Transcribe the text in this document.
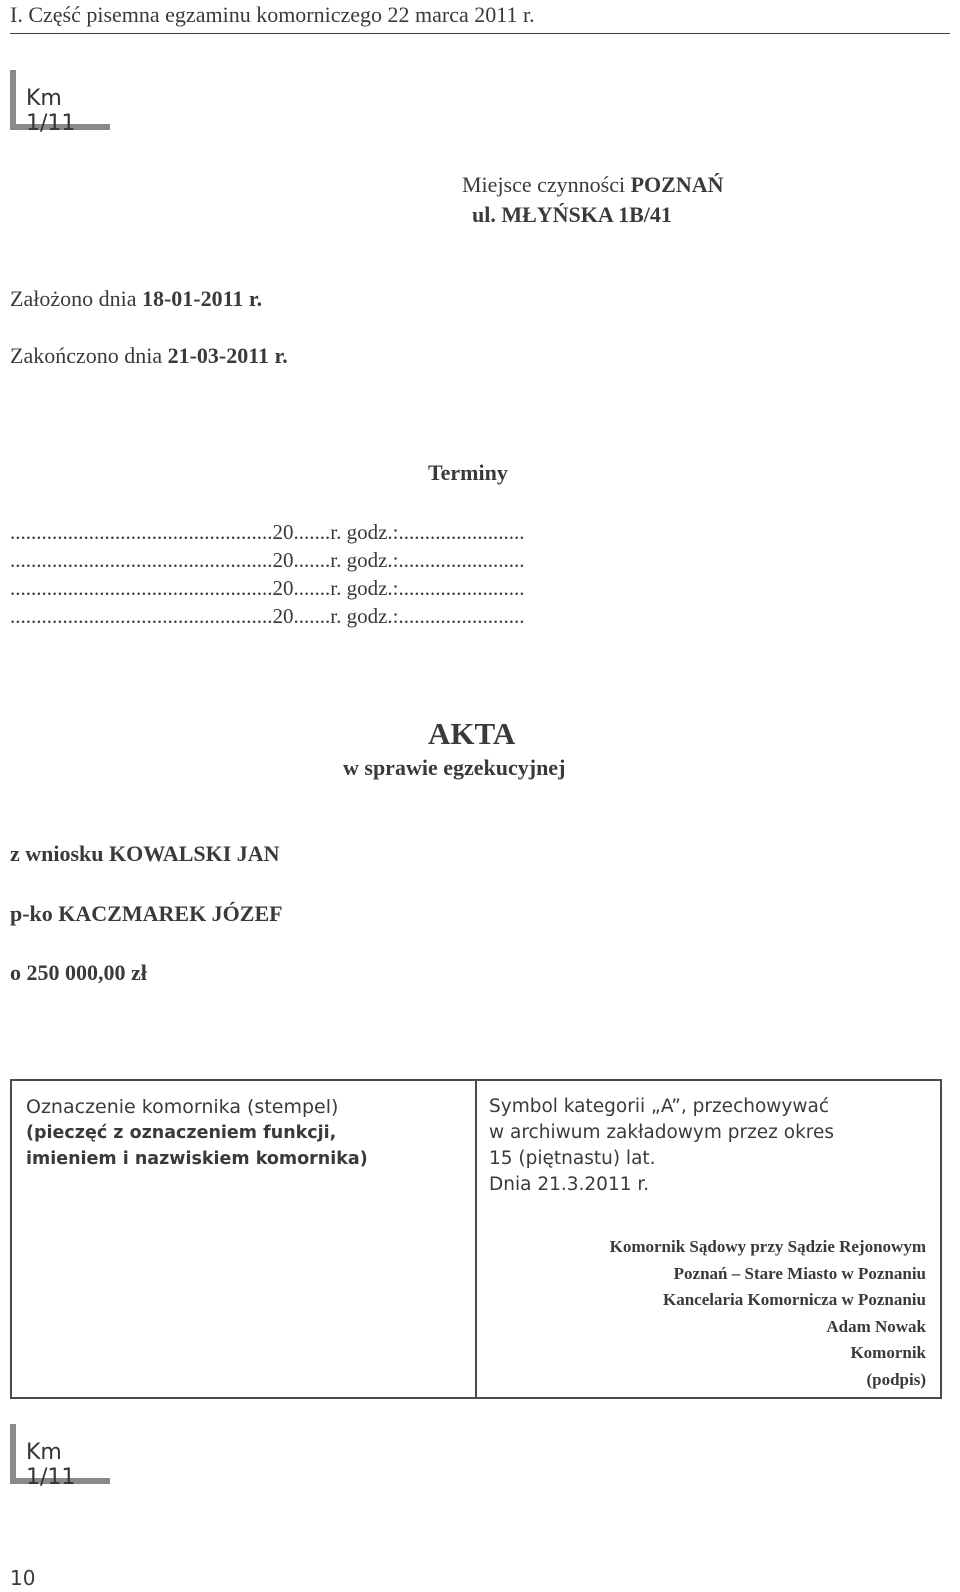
I. Część pisemna egzaminu komorniczego 22 marca 2011 r.
Km 1/11
Miejsce czynności POZNAŃ
ul. MŁYŃSKA 1B/41
Założono dnia 18-01-2011 r.
Zakończono dnia 21-03-2011 r.
Terminy
..................................................20.......r. godz.:........................
..................................................20.......r. godz.:........................
..................................................20.......r. godz.:........................
..................................................20.......r. godz.:........................
AKTA
w sprawie egzekucyjnej
z wniosku KOWALSKI JAN
p-ko KACZMAREK JÓZEF
o 250 000,00 zł
Oznaczenie komornika (stempel)
(pieczęć z oznaczeniem funkcji,
imieniem i nazwiskiem komornika)
Symbol kategorii „A”, przechowywać
w archiwum zakładowym przez okres
15 (piętnastu) lat.
Dnia 21.3.2011 r.
Komornik Sądowy przy Sądzie Rejonowym
Poznań – Stare Miasto w Poznaniu
Kancelaria Komornicza w Poznaniu
Adam Nowak
Komornik
(podpis)
Km 1/11
10
